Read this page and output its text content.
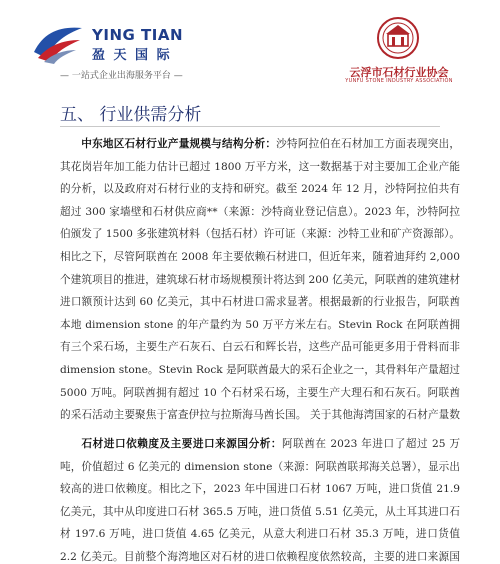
YING TIAN
盈 天 国 际
— 一站式企业出海服务平台 —	云浮市石材行业协会
YUNFU STONE INDUSTRY ASSOCIATION
五、 行业供需分析
中东地区石材行业产量规模与结构分析：沙特阿拉伯在石材加工方面表现突出，其花岗岩年加工能力估计已超过 1800 万平方米，这一数据基于对主要加工企业产能的分析，以及政府对石材行业的支持和研究。截至 2024 年 12 月，沙特阿拉伯共有超过 300 家墙壁和石材供应商**（来源：沙特商业登记信息）。2023 年，沙特阿拉伯颁发了 1500 多张建筑材料（包括石材）许可证（来源：沙特工业和矿产资源部）。相比之下，尽管阿联酋在 2008 年主要依赖石材进口，但近年来，随着迪拜约 2,000 个建筑项目的推进，建筑球石材市场规模预计将达到 200 亿美元，阿联酋的建筑建材进口额预计达到 60 亿美元，其中石材进口需求显著。根据最新的行业报告，阿联酋本地 dimension stone 的年产量约为 50 万平方米左右。Stevin Rock 在阿联酋拥有三个采石场，主要生产石灰石、白云石和辉长岩，这些产品可能更多用于骨料而非 dimension stone。Stevin Rock 是阿联酋最大的采石企业之一，其骨料年产量超过 5000 万吨。阿联酋拥有超过 10 个石材采石场，主要生产大理石和石灰石。阿联酋的采石活动主要聚焦于富查伊拉与拉斯海马酋长国。 关于其他海湾国家的石材产量数
石材进口依赖度及主要进口来源国分析：阿联酋在 2023 年进口了超过 25 万吨，价值超过 6 亿美元的 dimension stone（来源：阿联酋联邦海关总署），显示出较高的进口依赖度。相比之下，2023 年中国进口石材 1067 万吨，进口货值 21.9 亿美元，其中从印度进口石材 365.5 万吨，进口货值 5.51 亿美元，从土耳其进口石材 197.6 万吨，进口货值 4.65 亿美元，从意大利进口石材 35.3 万吨，进口货值 2.2 亿美元。目前整个海湾地区对石材的进口依赖程度依然较高，主要的进口来源国
